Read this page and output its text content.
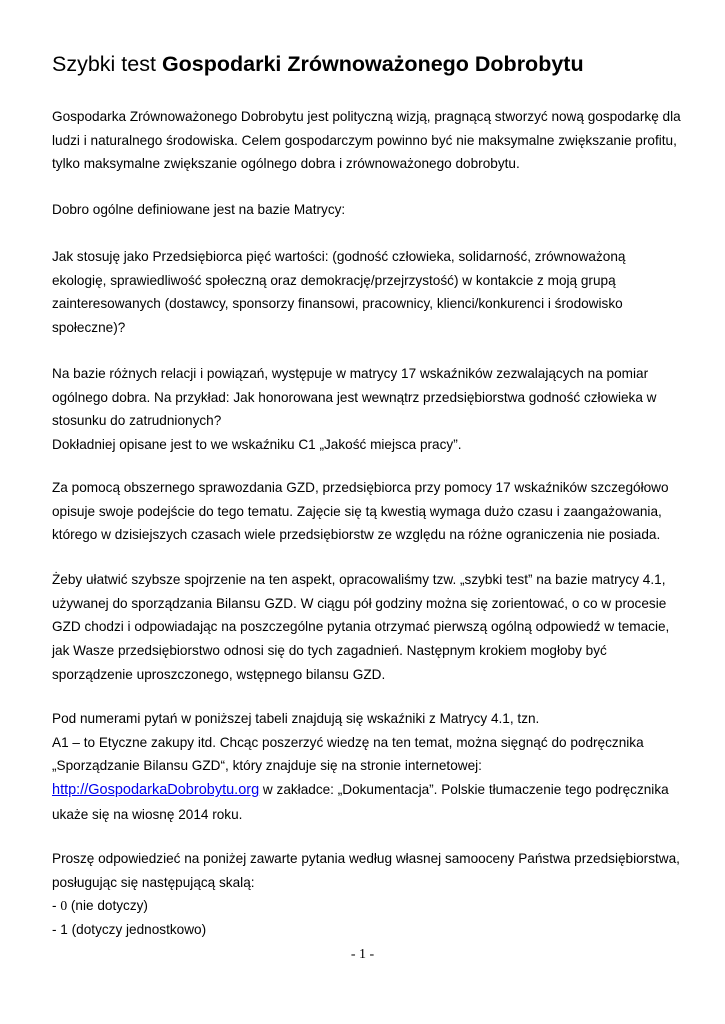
Szybki test Gospodarki Zrównoważonego Dobrobytu

Gospodarka Zrównoważonego Dobrobytu jest polityczną wizją, pragnącą stworzyć nową gospodarkę dla
ludzi i naturalnego środowiska. Celem gospodarczym powinno być nie maksymalne zwiększanie profitu,
tylko maksymalne zwiększanie ogólnego dobra i zrównoważonego dobrobytu.

Dobro ogólne definiowane jest na bazie Matrycy:

Jak stosuję jako Przedsiębiorca pięć wartości: (godność człowieka, solidarność, zrównoważoną
ekologię, sprawiedliwość społeczną oraz demokrację/przejrzystość) w kontakcie z moją grupą
zainteresowanych (dostawcy, sponsorzy finansowi, pracownicy, klienci/konkurenci i środowisko
społeczne)?

Na bazie różnych relacji i powiązań, występuje w matrycy 17 wskaźników zezwalających na pomiar
ogólnego dobra. Na przykład: Jak honorowana jest wewnątrz przedsiębiorstwa godność człowieka w
stosunku do zatrudnionych?
Dokładniej opisane jest to we wskaźniku C1 „Jakość miejsca pracy”.

Za pomocą obszernego sprawozdania GZD, przedsiębiorca przy pomocy 17 wskaźników szczegółowo
opisuje swoje podejście do tego tematu. Zajęcie się tą kwestią wymaga dużo czasu i zaangażowania,
którego w dzisiejszych czasach wiele przedsiębiorstw ze względu na różne ograniczenia nie posiada.

Żeby ułatwić szybsze spojrzenie na ten aspekt, opracowaliśmy tzw. „szybki test” na bazie matrycy 4.1,
używanej do sporządzania Bilansu GZD. W ciągu pół godziny można się zorientować, o co w procesie
GZD chodzi i odpowiadając na poszczególne pytania otrzymać pierwszą ogólną odpowiedź w temacie,
jak Wasze przedsiębiorstwo odnosi się do tych zagadnień. Następnym krokiem mogłoby być
sporządzenie uproszczonego, wstępnego bilansu GZD.

Pod numerami pytań w poniższej tabeli znajdują się wskaźniki z Matrycy 4.1, tzn.
A1 – to Etyczne zakupy itd. Chcąc poszerzyć wiedzę na ten temat, można sięgnąć do podręcznika
„Sporządzanie Bilansu GZD“, który znajduje się na stronie internetowej:
http://GospodarkaDobrobytu.org w zakładce: „Dokumentacja”. Polskie tłumaczenie tego podręcznika
ukaże się na wiosnę 2014 roku.

Proszę odpowiedzieć na poniżej zawarte pytania według własnej samooceny Państwa przedsiębiorstwa,
posługując się następującą skalą:
- 0 (nie dotyczy)
- 1 (dotyczy jednostkowo)

- 1 -
